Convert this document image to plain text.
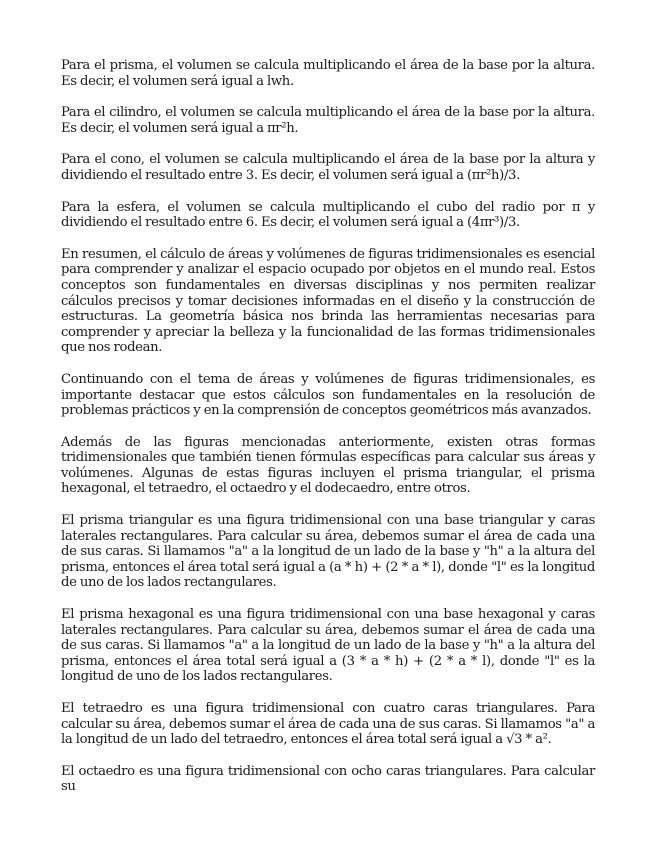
Para el prisma, el volumen se calcula multiplicando el área de la base por la altura. Es decir, el volumen será igual a lwh.

Para el cilindro, el volumen se calcula multiplicando el área de la base por la altura. Es decir, el volumen será igual a πr²h.

Para el cono, el volumen se calcula multiplicando el área de la base por la altura y dividiendo el resultado entre 3. Es decir, el volumen será igual a (πr²h)/3.

Para la esfera, el volumen se calcula multiplicando el cubo del radio por π y dividiendo el resultado entre 6. Es decir, el volumen será igual a (4πr³)/3.

En resumen, el cálculo de áreas y volúmenes de figuras tridimensionales es esencial para comprender y analizar el espacio ocupado por objetos en el mundo real. Estos conceptos son fundamentales en diversas disciplinas y nos permiten realizar cálculos precisos y tomar decisiones informadas en el diseño y la construcción de estructuras. La geometría básica nos brinda las herramientas necesarias para comprender y apreciar la belleza y la funcionalidad de las formas tridimensionales que nos rodean.

Continuando con el tema de áreas y volúmenes de figuras tridimensionales, es importante destacar que estos cálculos son fundamentales en la resolución de problemas prácticos y en la comprensión de conceptos geométricos más avanzados.

Además de las figuras mencionadas anteriormente, existen otras formas tridimensionales que también tienen fórmulas específicas para calcular sus áreas y volúmenes. Algunas de estas figuras incluyen el prisma triangular, el prisma hexagonal, el tetraedro, el octaedro y el dodecaedro, entre otros.

El prisma triangular es una figura tridimensional con una base triangular y caras laterales rectangulares. Para calcular su área, debemos sumar el área de cada una de sus caras. Si llamamos "a" a la longitud de un lado de la base y "h" a la altura del prisma, entonces el área total será igual a (a * h) + (2 * a * l), donde "l" es la longitud de uno de los lados rectangulares.

El prisma hexagonal es una figura tridimensional con una base hexagonal y caras laterales rectangulares. Para calcular su área, debemos sumar el área de cada una de sus caras. Si llamamos "a" a la longitud de un lado de la base y "h" a la altura del prisma, entonces el área total será igual a (3 * a * h) + (2 * a * l), donde "l" es la longitud de uno de los lados rectangulares.

El tetraedro es una figura tridimensional con cuatro caras triangulares. Para calcular su área, debemos sumar el área de cada una de sus caras. Si llamamos "a" a la longitud de un lado del tetraedro, entonces el área total será igual a √3 * a².

El octaedro es una figura tridimensional con ocho caras triangulares. Para calcular su
